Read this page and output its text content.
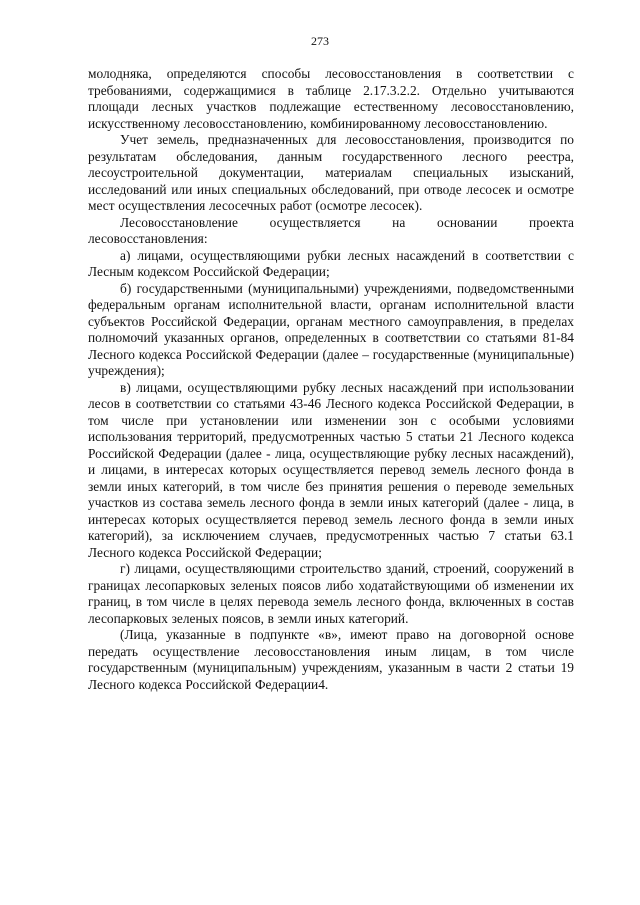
273

молодняка, определяются способы лесовосстановления в соответствии с требованиями, содержащимися в таблице 2.17.3.2.2. Отдельно учитываются площади лесных участков подлежащие естественному лесовосстановлению, искусственному лесовосстановлению, комбинированному лесовосстановлению.

Учет земель, предназначенных для лесовосстановления, производится по результатам обследования, данным государственного лесного реестра, лесоустроительной документации, материалам специальных изысканий, исследований или иных специальных обследований, при отводе лесосек и осмотре мест осуществления лесосечных работ (осмотре лесосек).

Лесовосстановление осуществляется на основании проекта лесовосстановления:

а) лицами, осуществляющими рубки лесных насаждений в соответствии с Лесным кодексом Российской Федерации;

б) государственными (муниципальными) учреждениями, подведомственными федеральным органам исполнительной власти, органам исполнительной власти субъектов Российской Федерации, органам местного самоуправления, в пределах полномочий указанных органов, определенных в соответствии со статьями 81-84 Лесного кодекса Российской Федерации (далее – государственные (муниципальные) учреждения);

в) лицами, осуществляющими рубку лесных насаждений при использовании лесов в соответствии со статьями 43-46 Лесного кодекса Российской Федерации, в том числе при установлении или изменении зон с особыми условиями использования территорий, предусмотренных частью 5 статьи 21 Лесного кодекса Российской Федерации (далее - лица, осуществляющие рубку лесных насаждений), и лицами, в интересах которых осуществляется перевод земель лесного фонда в земли иных категорий, в том числе без принятия решения о переводе земельных участков из состава земель лесного фонда в земли иных категорий (далее - лица, в интересах которых осуществляется перевод земель лесного фонда в земли иных категорий), за исключением случаев, предусмотренных частью 7 статьи 63.1 Лесного кодекса Российской Федерации;

г) лицами, осуществляющими строительство зданий, строений, сооружений в границах лесопарковых зеленых поясов либо ходатайствующими об изменении их границ, в том числе в целях перевода земель лесного фонда, включенных в состав лесопарковых зеленых поясов, в земли иных категорий.

(Лица, указанные в подпункте «в», имеют право на договорной основе передать осуществление лесовосстановления иным лицам, в том числе государственным (муниципальным) учреждениям, указанным в части 2 статьи 19 Лесного кодекса Российской Федерации4.
